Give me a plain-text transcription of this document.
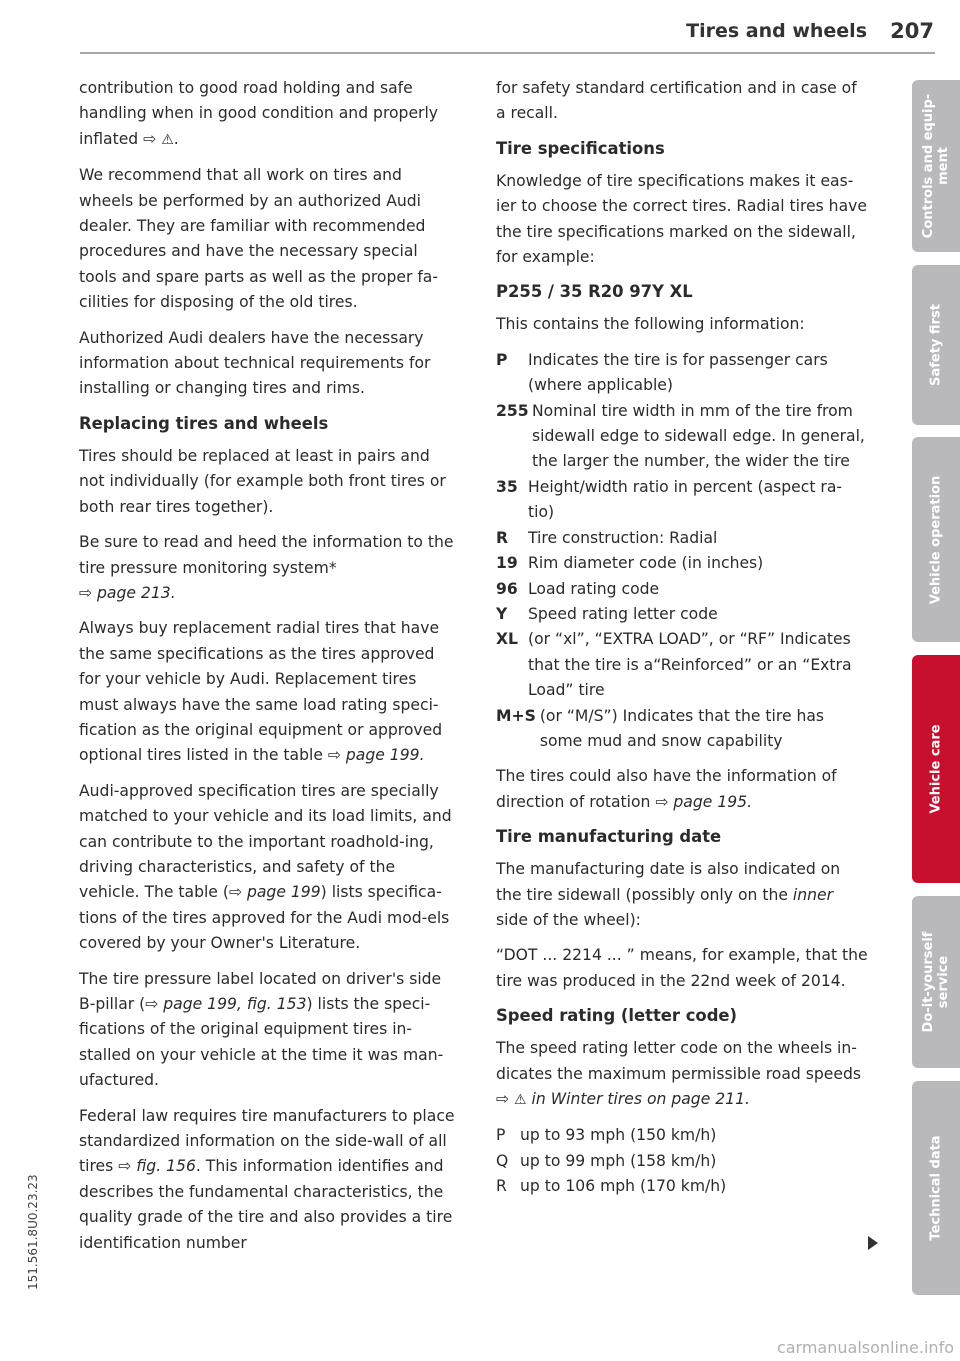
Tires and wheels 207

contribution to good road holding and safe handling when in good condition and properly inflated ⇨ ⚠.

We recommend that all work on tires and wheels be performed by an authorized Audi dealer. They are familiar with recommended procedures and have the necessary special tools and spare parts as well as the proper fa-cilities for disposing of the old tires.

Authorized Audi dealers have the necessary information about technical requirements for installing or changing tires and rims.

Replacing tires and wheels

Tires should be replaced at least in pairs and not individually (for example both front tires or both rear tires together).

Be sure to read and heed the information to the tire pressure monitoring system*
⇨ page 213.

Always buy replacement radial tires that have the same specifications as the tires approved for your vehicle by Audi. Replacement tires must always have the same load rating speci-fication as the original equipment or approved optional tires listed in the table ⇨ page 199.

Audi-approved specification tires are specially matched to your vehicle and its load limits, and can contribute to the important roadhold-ing, driving characteristics, and safety of the vehicle. The table (⇨ page 199) lists specifica-tions of the tires approved for the Audi mod-els covered by your Owner's Literature.

The tire pressure label located on driver's side B-pillar (⇨ page 199, fig. 153) lists the speci-fications of the original equipment tires in-stalled on your vehicle at the time it was man-ufactured.

Federal law requires tire manufacturers to place standardized information on the side-wall of all tires ⇨ fig. 156. This information identifies and describes the fundamental characteristics, the quality grade of the tire and also provides a tire identification number

for safety standard certification and in case of a recall.

Tire specifications

Knowledge of tire specifications makes it eas-ier to choose the correct tires. Radial tires have the tire specifications marked on the sidewall, for example:

P255 / 35 R20 97Y XL

This contains the following information:

P	Indicates the tire is for passenger cars (where applicable)
255 Nominal tire width in mm of the tire from sidewall edge to sidewall edge. In general, the larger the number, the wider the tire
35 Height/width ratio in percent (aspect ra-tio)
R	Tire construction: Radial
19 Rim diameter code (in inches)
96 Load rating code
Y	Speed rating letter code
XL (or “xl”, “EXTRA LOAD”, or “RF” Indicates that the tire is a“Reinforced” or an “Extra Load” tire
M+S (or “M/S”) Indicates that the tire has some mud and snow capability

The tires could also have the information of direction of rotation ⇨ page 195.

Tire manufacturing date

The manufacturing date is also indicated on the tire sidewall (possibly only on the inner side of the wheel):

“DOT ... 2214 ... ” means, for example, that the tire was produced in the 22nd week of 2014.

Speed rating (letter code)

The speed rating letter code on the wheels in-dicates the maximum permissible road speeds
⇨ ⚠ in Winter tires on page 211.

P up to 93 mph (150 km/h)
Q up to 99 mph (158 km/h)
R up to 106 mph (170 km/h)
Controls and equip-
ment
Safety first
Vehicle operation
Vehicle care
Do-it-yourself
service
Technical data
151.561.8U0.23.23
carmanualsonline.info
